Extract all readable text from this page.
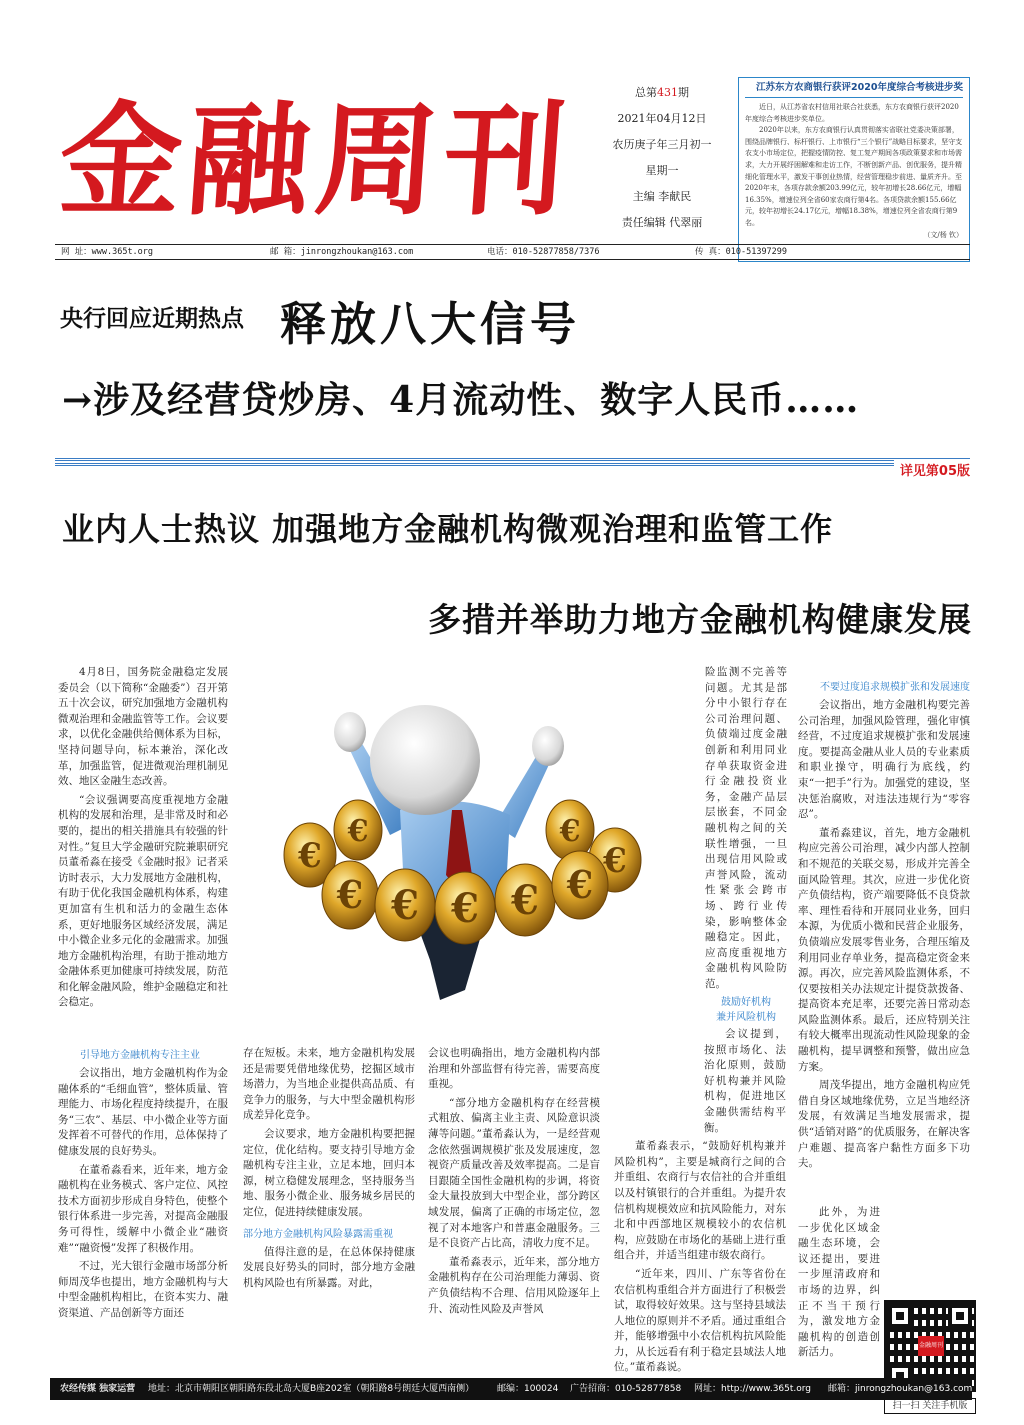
金融周刊	总第431期
2021年04月12日
农历庚子年三月初一
星期一
主编 李献民
责任编辑 代翠丽
江苏东方农商银行获评2020年度综合考核进步奖

近日，从江苏省农村信用社联合社获悉，东方农商银行获评2020年度综合考核进步奖单位。

2020年以来，东方农商银行认真贯彻落实省联社党委决策部署，围绕品牌银行、标杆银行、上市银行“三个银行”战略目标要求，坚守支农支小市场定位，把握疫情防控、复工复产期间各项政策要求和市场需求，大力开展纾困解难和走访工作，不断创新产品、创优服务，提升精细化管理水平，激发干事创业热情，经营管理稳步前进、量质齐升。至2020年末，各项存款余额203.99亿元，较年初增长28.66亿元，增幅16.35%，增速位列全省60家农商行第4名。各项贷款余额155.66亿元，较年初增长24.17亿元，增幅18.38%，增速位列全省农商行第9名。

（文/杨 钦）

网 址：www.365t.org	邮 箱：jinrongzhoukan@163.com	电话：010-52877858/7376	传 真：010-51397299
央行回应近期热点 释放八大信号
→涉及经营贷炒房、4月流动性、数字人民币……
详见第05版
业内人士热议 加强地方金融机构微观治理和监管工作
多措并举助力地方金融机构健康发展
€
€	€
€
€ € € € €

4月8日，国务院金融稳定发展委员会（以下简称“金融委”）召开第五十次会议，研究加强地方金融机构微观治理和金融监管等工作。会议要求，以优化金融供给侧体系为目标，坚持问题导向，标本兼治，深化改革，加强监管，促进微观治理机制见效、地区金融生态改善。

“会议强调要高度重视地方金融机构的发展和治理，是非常及时和必要的，提出的相关措施具有较强的针对性。”复旦大学金融研究院兼职研究员董希淼在接受《金融时报》记者采访时表示，大力发展地方金融机构，有助于优化我国金融机构体系，构建更加富有生机和活力的金融生态体系，更好地服务区域经济发展，满足中小微企业多元化的金融需求。加强地方金融机构治理，有助于推动地方金融体系更加健康可持续发展，防范和化解金融风险，维护金融稳定和社会稳定。

引导地方金融机构专注主业

会议指出，地方金融机构作为金融体系的“毛细血管”，整体质量、管理能力、市场化程度持续提升，在服务“三农”、基层、中小微企业等方面发挥着不可替代的作用，总体保持了健康发展的良好势头。

在董希淼看来，近年来，地方金融机构在业务模式、客户定位、风控技术方面初步形成自身特色，使整个银行体系进一步完善，对提高金融服务可得性，缓解中小微企业“融资难”“融资慢”发挥了积极作用。

不过，光大银行金融市场部分析师周茂华也提出，地方金融机构与大中型金融机构相比，在资本实力、融资渠道、产品创新等方面还

存在短板。未来，地方金融机构发展还是需要凭借地缘优势，挖掘区域市场潜力，为当地企业提供高品质、有竞争力的服务，与大中型金融机构形成差异化竞争。

会议要求，地方金融机构要把握定位，优化结构。要支持引导地方金融机构专注主业，立足本地，回归本源，树立稳健发展理念，坚持服务当地、服务小微企业、服务城乡居民的定位，促进持续健康发展。

部分地方金融机构风险暴露需重视

值得注意的是，在总体保持健康发展良好势头的同时，部分地方金融机构风险也有所暴露。对此，

会议也明确指出，地方金融机构内部治理和外部监督有待完善，需要高度重视。

“部分地方金融机构存在经营模式粗放、偏离主业主责、风险意识淡薄等问题。”董希淼认为，一是经营观念依然强调规模扩张及发展速度，忽视资产质量改善及效率提高。二是盲目跟随全国性金融机构的步调，将资金大量投放到大中型企业，部分跨区域发展，偏离了正确的市场定位，忽视了对本地客户和普惠金融服务。三是不良资产占比高，清收力度不足。

董希淼表示，近年来，部分地方金融机构存在公司治理能力薄弱、资产负债结构不合理、信用风险逐年上升、流动性风险及声誉风

险监测不完善等问题。尤其是部分中小银行存在公司治理问题、负债端过度金融创新和利用同业存单获取资金进行金融投资业务，金融产品层层嵌套，不同金融机构之间的关联性增强，一旦出现信用风险或声誉风险，流动性紧张会跨市场、跨行业传染，影响整体金融稳定。因此，应高度重视地方金融机构风险防范。

鼓励好机构
兼并风险机构

会议提到，按照市场化、法治化原则，鼓励好机构兼并风险机构，促进地区金融供需结构平衡。

董希淼表示，“鼓励好机构兼并风险机构”，主要是城商行之间的合并重组、农商行与农信社的合并重组以及村镇银行的合并重组。为提升农信机构规模效应和抗风险能力，对东北和中西部地区规模较小的农信机构，应鼓励在市场化的基础上进行重组合并，并适当组建市级农商行。

“近年来，四川、广东等省份在农信机构重组合并方面进行了积极尝试，取得较好效果。这与坚持县域法人地位的原则并不矛盾。通过重组合并，能够增强中小农信机构抗风险能力，从长远看有利于稳定县域法人地位。”董希淼说。

不要过度追求规模扩张和发展速度

会议指出，地方金融机构要完善公司治理，加强风险管理，强化审慎经营，不过度追求规模扩张和发展速度。要提高金融从业人员的专业素质和职业操守，明确行为底线，约束“一把手”行为。加强党的建设，坚决惩治腐败，对违法违规行为“零容忍”。

董希淼建议，首先，地方金融机构应完善公司治理，减少内部人控制和不规范的关联交易，形成并完善全面风险管理。其次，应进一步优化资产负债结构，资产端要降低不良贷款率、理性看待和开展同业业务，回归本源，为优质小微和民营企业服务，负债端应发展零售业务，合理压缩及利用同业存单业务，提高稳定资金来源。再次，应完善风险监测体系，不仅要按相关办法规定计提贷款拨备、提高资本充足率，还要完善日常动态风险监测体系。最后，还应特别关注有较大概率出现流动性风险现象的金融机构，提早调整和预警，做出应急方案。

周茂华提出，地方金融机构应凭借自身区域地缘优势，立足当地经济发展，有效满足当地发展需求，提供“适销对路”的优质服务，在解决客户难题、提高客户黏性方面多下功夫。

此外，为进一步优化区域金融生态环境，会议还提出，要进一步厘清政府和市场的边界，纠正不当干预行为，激发地方金融机构的创造创新活力。

金融周刊
扫一扫 关注手机版
农经传媒 独家运营 地址：北京市朝阳区朝阳路东段北岛大厦B座202室（朝阳路8号朗廷大厦西南侧）	邮编：100024 广告招商：010-52877858 网址：http://www.365t.org 邮箱：jinrongzhoukan@163.com
